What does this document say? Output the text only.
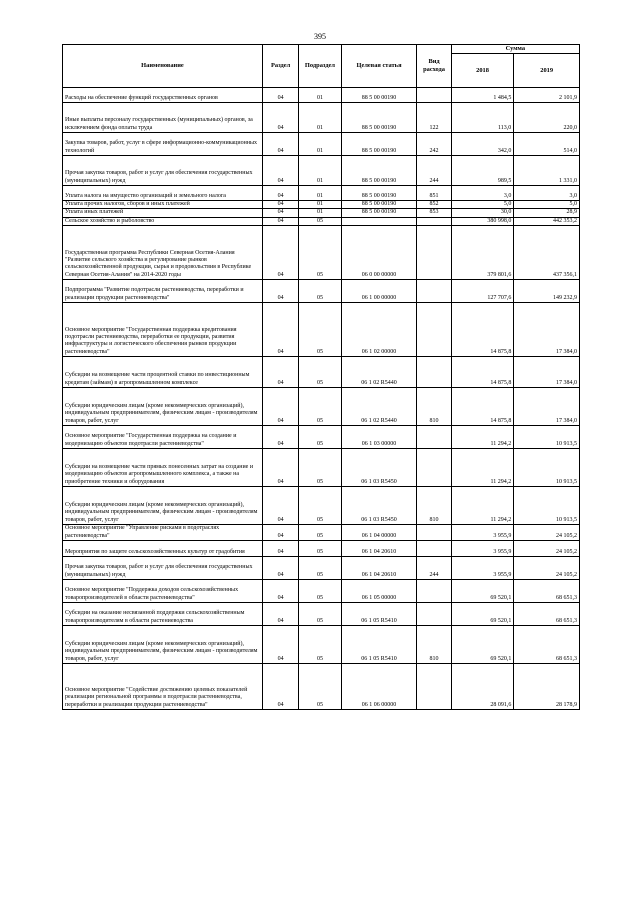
395
Наименование	Раздел	Подраздел	Целевая статья	Вид расхода	Сумма	
					2018	2019
Расходы на обеспечение функций государственных органов	04	01	88 5 00 00190		1 484,5	2 101,9
Иные выплаты персоналу государственных (муниципальных) органов, за исключением фонда оплаты труда	04	01	88 5 00 00190	122	113,0	220,0
Закупка товаров, работ, услуг в сфере информационно-коммуникационных технологий	04	01	88 5 00 00190	242	342,0	514,0
Прочая закупка товаров, работ и услуг для обеспечения государственных (муниципальных) нужд	04	01	88 5 00 00190	244	989,5	1 331,0
Уплата налога на имущество организаций и земельного налога	04	01	88 5 00 00190	851	3,0	3,0
Уплата прочих налогов, сборов и иных платежей	04	01	88 5 00 00190	852	5,0	5,0
Уплата иных платежей	04	01	88 5 00 00190	853	30,0	28,9
Сельское хозяйство и рыболовство	04	05			380 998,0	442 353,2
Государственная программа Республики Северная Осетия-Алания "Развитие сельского хозяйства и регулирование рынков сельскохозяйственной продукции, сырья и продовольствия в Республике Северная Осетия-Алания" на 2014-2020 годы	04	05	06 0 00 00000		379 801,6	437 356,1
Подпрограмма "Развитие подотрасли растениеводства, переработки и реализации продукции растениеводства"	04	05	06 1 00 00000		127 707,6	149 232,9
Основное мероприятие "Государственная поддержка кредитования подотрасли растениеводства, переработки ее продукции, развития инфраструктуры и логистического обеспечения рынков продукции растениеводства"	04	05	06 1 02 00000		14 875,8	17 384,0
Субсидии на возмещение части процентной ставки по инвестиционным кредитам (займам) в агропромышленном комплексе	04	05	06 1 02 R5440		14 875,8	17 384,0
Субсидии юридическим лицам (кроме некоммерческих организаций), индивидуальным предпринимателям, физическим лицам - производителям товаров, работ, услуг	04	05	06 1 02 R5440	810	14 875,8	17 384,0
Основное мероприятие "Государственная поддержка на создание и модернизацию объектов подотрасли растениеводства"	04	05	06 1 03 00000		11 294,2	10 913,5
Субсидии на возмещение части прямых понесенных затрат на создание и модернизацию объектов агропромышленного комплекса, а также на приобретение техники и оборудования	04	05	06 1 03 R5450		11 294,2	10 913,5
Субсидии юридическим лицам (кроме некоммерческих организаций), индивидуальным предпринимателям, физическим лицам - производителям товаров, работ, услуг	04	05	06 1 03 R5450	810	11 294,2	10 913,5
Основное мероприятие "Управление рисками в подотраслях растениеводства"	04	05	06 1 04 00000		3 955,9	24 105,2
Мероприятия по защите сельскохозяйственных культур от градобития	04	05	06 1 04 20610		3 955,9	24 105,2
Прочая закупка товаров, работ и услуг для обеспечения государственных (муниципальных) нужд	04	05	06 1 04 20610	244	3 955,9	24 105,2
Основное мероприятие "Поддержка доходов сельскохозяйственных товаропроизводителей в области растениеводства"	04	05	06 1 05 00000		69 520,1	68 651,3
Субсидии на оказание несвязанной поддержки сельскохозяйственным товаропроизводителям в области растениеводства	04	05	06 1 05 R5410		69 520,1	68 651,3
Субсидии юридическим лицам (кроме некоммерческих организаций), индивидуальным предпринимателям, физическим лицам - производителям товаров, работ, услуг	04	05	06 1 05 R5410	810	69 520,1	68 651,3
Основное мероприятие "Содействие достижению целевых показателей реализации региональной программы в подотрасли растениеводства, переработки и реализации продукции растениеводства"	04	05	06 1 06 00000		28 091,6	28 178,9
